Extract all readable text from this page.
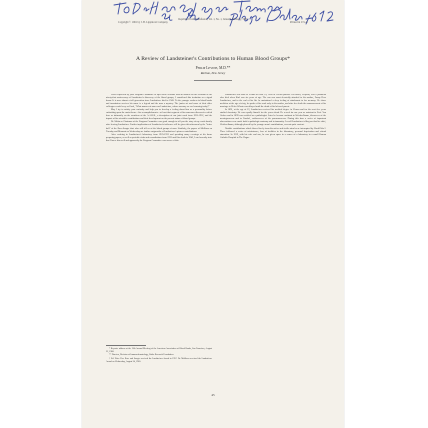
Reprinted from Transfusion, Vol. 1, No. 1, January-February, 1961
Copyright © 1961 by J. B. Lippincott Company	Printed in U.S.A.
A Review of Landsteiner's Contributions to Human Blood Groups*
Philip Levine, M.D.**
Raritan, New Jersey

When requested by your Program Committee to open these sessions with an address on the occasion of the ninety-first anniversary of Landsteiner's discovery of the blood groups, I considered this invitation as a signal honor. It is now almost a full generation since Landsteiner died in 1943. To the younger workers in blood banks and transfusion services his name is a legend and the man a mystery. The junior set and some of their older colleagues could very well ask, "What manner of man was Landsteiner, whose memory we are honoring today?"

May I try to satisfy your curiosity and help you to develop a feeling about him as a personality before embarking upon the main theme—his accomplishments—at least that segment of his numerous discoveries which bear so intimately on the members of the A.A.B.B., a description of our joint work from 1925-1932, and the impact of his scientific contributions and their development on the present status of blood groups.

Dr. Mohn as Chairman of the Program Committee was good enough to tell you the story of my work shortly after leaving Landsteiner. Further implications of Landsteiner's influence will be given this afternoon by the "better half" of the Race-Sanger duet who will tell us of the blood groups of man. Similarly, the papers of Mollison on Tuesday and Mourant on Wednesday are further outgrowths of Landsteiner's pioneer contributions.

After working in Landsteiner's laboratory from 1925-1932 and spending many evenings at his home preparing papers, as well as periodic visits and consultations from 1932 until his death in 1943, I can honestly state that I knew him well and apparently the Program Committee was aware of this.

Landsteiner was born in Vienna on June 14, 1868 of Jewish parents. His father, Leopold, was a journalist who died when Karl was six years of age. The son was most devotedly attached to his mother, Fanny Hess Landsteiner, and to the end of his life he maintained a deep feeling of attachment to her memory. He chose medicine at the age of sixty, he spoke of his work only to his mother, and after her death the announcement of his marriage to Helen Wlasto was delayed until the death of his beloved parent.

In 1891, at the age of 23, Landsteiner received his medical degree in Vienna and for the next five years studied chemistry. He was equally himself for the years ahead. He served for one year as assistant to Prof. Von Gruber and in 1899 was certified as a pathologist. Later he became assistant to Weichselbaum, discoverer of the meningococcus and to Frankel, codiscoverer of the pneumococcus. During this time a series of important observations were made both in pathologic anatomy and in immunity. I recall Landsteiner telling me that his chief, Weichselbaum, although pleased by the younger man's contributions, was not quite content.

Notable contributions which flowed freely from his active and fertile mind were interrupted by World War I. There followed a series of misfortunes, loss of facilities in the laboratory, personal deprivation and virtual starvation. In 1919, with his wife and son, he was given space in a corner of a laboratory in a small Roman Catholic Hospital in The Hague.

* Keynote address at the 13th Annual Meeting of the American Association of Blood Banks, San Francisco, August 22, 1960.

** Director, Division of Immunohematology, Ortho Research Foundation.

† Ed. Note: Drs. Race and Sanger received the Landsteiner Award in 1957. Dr. Mollison received the Landsteiner Award on Wednesday, August 24, 1960.

45
